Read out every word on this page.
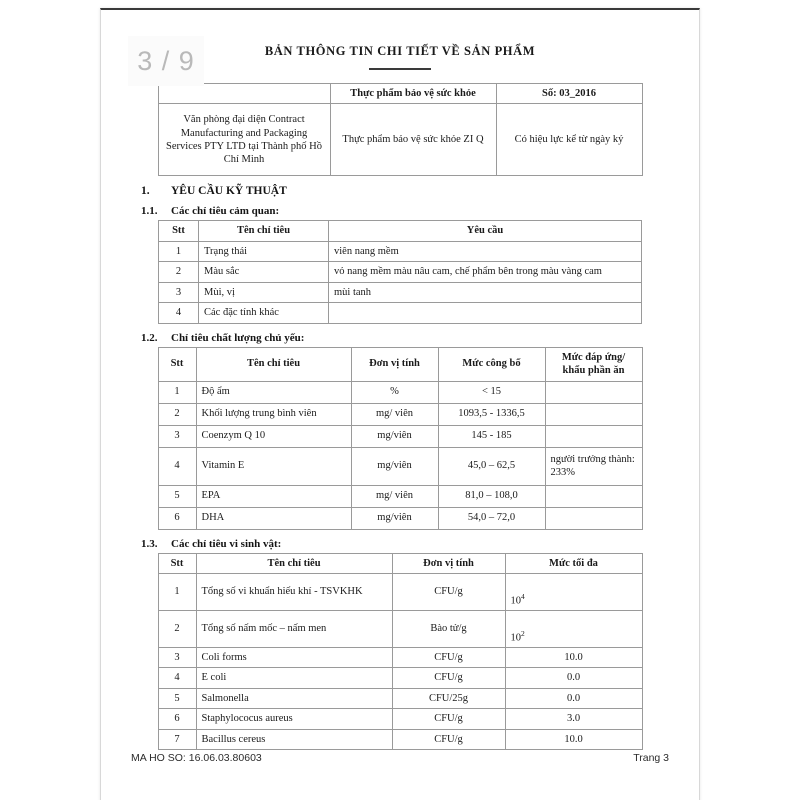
3 / 9	BẢN THÔNG TIN CHI TIẾT VỀ SẢN PHẨM
	Thực phẩm bảo vệ sức khỏe	Số: 03_2016
Văn phòng đại diện Contract Manufacturing and Packaging Services PTY LTD tại Thành phố Hồ Chí Minh	Thực phẩm bảo vệ sức khỏe ZI Q	Có hiệu lực kể từ ngày ký
1. YÊU CẦU KỸ THUẬT
1.1. Các chỉ tiêu cảm quan:
Stt	Tên chỉ tiêu	Yêu cầu
1	Trạng thái	viên nang mềm
2	Màu sắc	vỏ nang mềm màu nâu cam, chế phẩm bên trong màu vàng cam
3	Mùi, vị	mùi tanh
4	Các đặc tính khác	
1.2. Chỉ tiêu chất lượng chủ yếu:
Stt	Tên chỉ tiêu	Đơn vị tính	Mức công bố	Mức đáp ứng/ khẩu phần ăn
1	Độ ẩm	%	< 15	
2	Khối lượng trung bình viên	mg/ viên	1093,5 - 1336,5	
3	Coenzym Q 10	mg/viên	145 - 185	
4	Vitamin E	mg/viên	45,0 – 62,5	người trưởng thành: 233%
5	EPA	mg/ viên	81,0 – 108,0	
6	DHA	mg/viên	54,0 – 72,0	
1.3. Các chỉ tiêu vi sinh vật:
Stt	Tên chỉ tiêu	Đơn vị tính	Mức tối đa
1	Tổng số vi khuẩn hiếu khí - TSVKHK	CFU/g	$10^4$

2	Tổng số nấm mốc – nấm men	Bào tử/g	$10^2$

3	Coli forms	CFU/g	10.0
4	E coli	CFU/g	0.0
5	Salmonella	CFU/25g	0.0
6	Staphylococus aureus	CFU/g	3.0
7	Bacillus cereus	CFU/g	10.0
MA HO SO: 16.06.03.80603	Trang 3
